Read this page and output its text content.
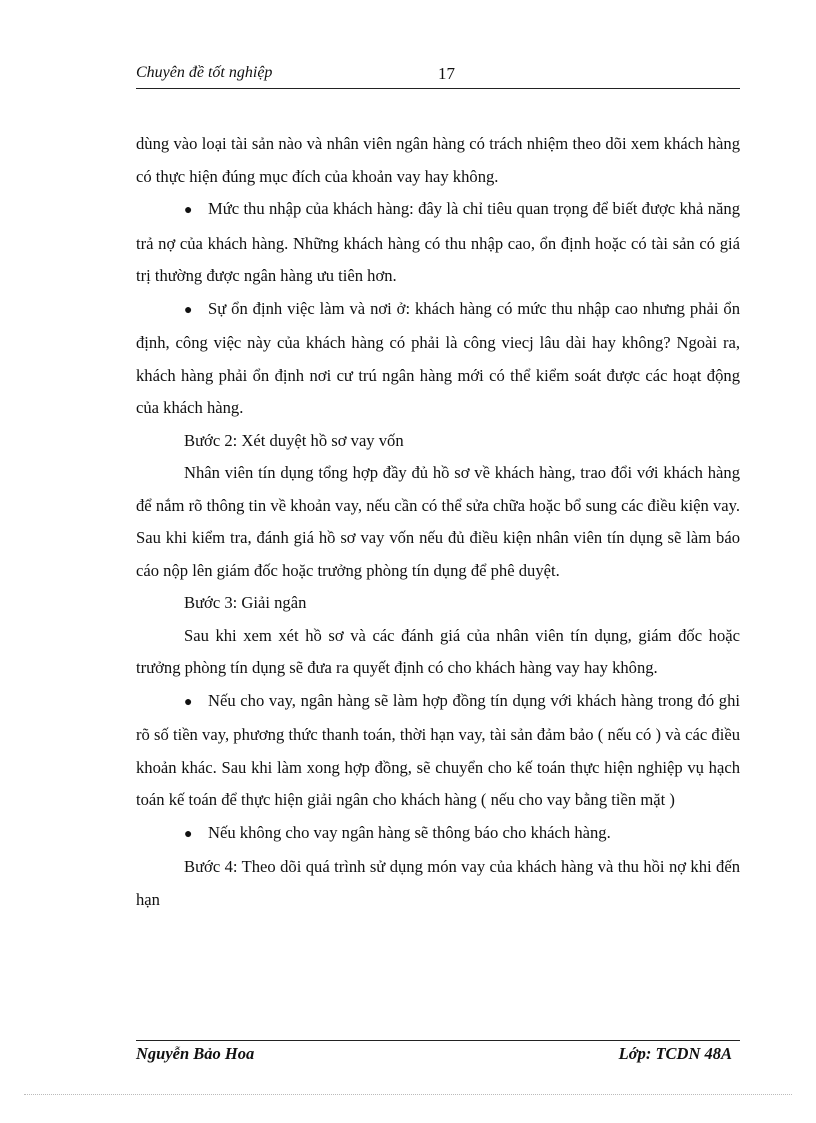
Chuyên đề tốt nghiệp	17

dùng vào loại tài sản nào và nhân viên ngân hàng có trách nhiệm theo dõi xem khách hàng có thực hiện đúng mục đích của khoản vay hay không.

● Mức thu nhập của khách hàng: đây là chỉ tiêu quan trọng để biết được khả năng trả nợ của khách hàng. Những khách hàng có thu nhập cao, ổn định hoặc có tài sản có giá trị thường được ngân hàng ưu tiên hơn.

● Sự ổn định việc làm và nơi ở: khách hàng có mức thu nhập cao nhưng phải ổn định, công việc này của khách hàng có phải là công viecj lâu dài hay không? Ngoài ra, khách hàng phải ổn định nơi cư trú ngân hàng mới có thể kiểm soát được các hoạt động của khách hàng.

Bước 2: Xét duyệt hồ sơ vay vốn

Nhân viên tín dụng tổng hợp đầy đủ hồ sơ về khách hàng, trao đổi với khách hàng để nắm rõ thông tin về khoản vay, nếu cần có thể sửa chữa hoặc bổ sung các điều kiện vay. Sau khi kiểm tra, đánh giá hồ sơ vay vốn nếu đủ điều kiện nhân viên tín dụng sẽ làm báo cáo nộp lên giám đốc hoặc trưởng phòng tín dụng để phê duyệt.

Bước 3: Giải ngân

Sau khi xem xét hồ sơ và các đánh giá của nhân viên tín dụng, giám đốc hoặc trưởng phòng tín dụng sẽ đưa ra quyết định có cho khách hàng vay hay không.

● Nếu cho vay, ngân hàng sẽ làm hợp đồng tín dụng với khách hàng trong đó ghi rõ số tiền vay, phương thức thanh toán, thời hạn vay, tài sản đảm bảo ( nếu có ) và các điều khoản khác. Sau khi làm xong hợp đồng, sẽ chuyển cho kế toán thực hiện nghiệp vụ hạch toán kế toán để thực hiện giải ngân cho khách hàng ( nếu cho vay bằng tiền mặt )

● Nếu không cho vay ngân hàng sẽ thông báo cho khách hàng.

Bước 4: Theo dõi quá trình sử dụng món vay của khách hàng và thu hồi nợ khi đến hạn

Nguyễn Bảo Hoa	Lớp: TCDN 48A
